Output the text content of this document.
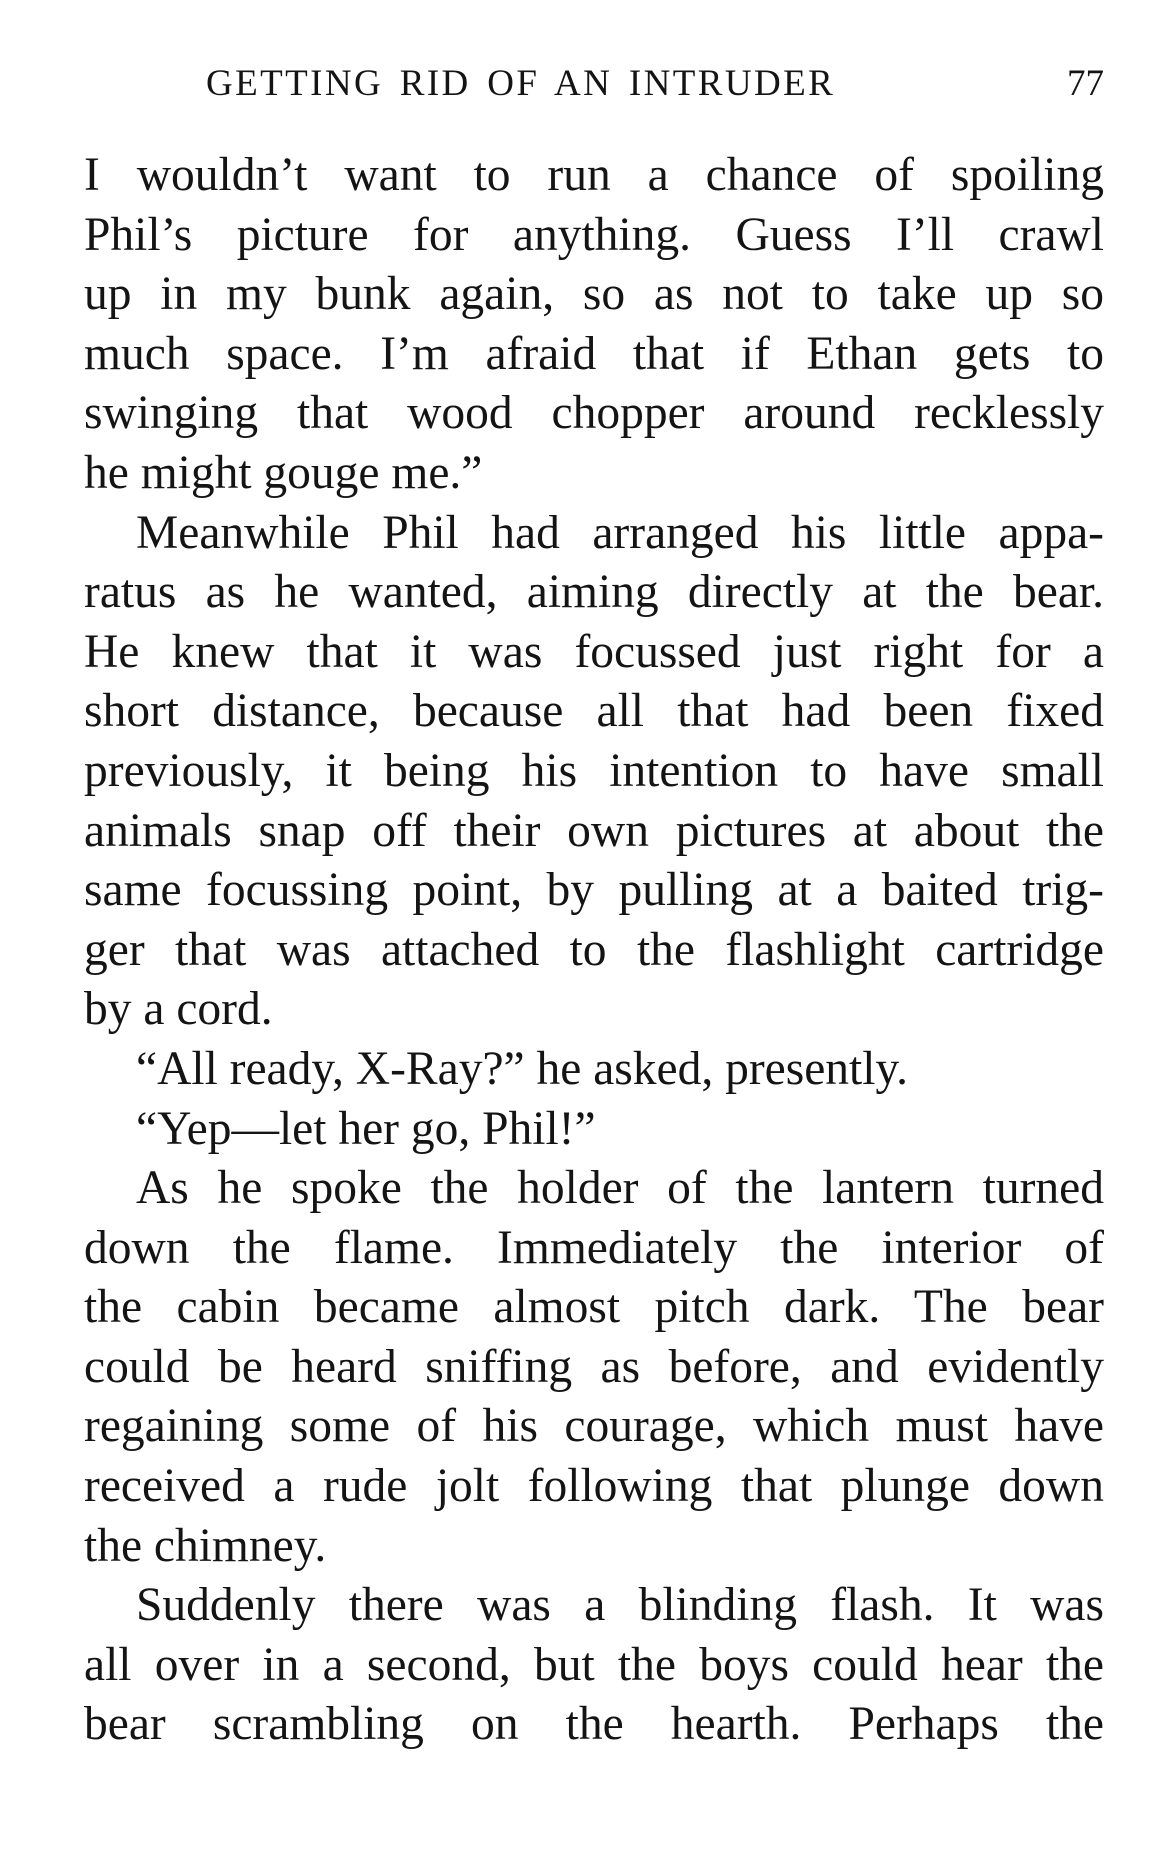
GETTING RID OF AN INTRUDER	77
I wouldn’t want to run a chance of spoiling
Phil’s picture for anything. Guess I’ll crawl
up in my bunk again, so as not to take up so
much space. I’m afraid that if Ethan gets to
swinging that wood chopper around recklessly
he might gouge me.”
Meanwhile Phil had arranged his little appa-
ratus as he wanted, aiming directly at the bear.
He knew that it was focussed just right for a
short distance, because all that had been fixed
previously, it being his intention to have small
animals snap off their own pictures at about the
same focussing point, by pulling at a baited trig-
ger that was attached to the flashlight cartridge
by a cord.
“All ready, X-Ray?” he asked, presently.
“Yep—let her go, Phil!”
As he spoke the holder of the lantern turned
down the flame. Immediately the interior of
the cabin became almost pitch dark. The bear
could be heard sniffing as before, and evidently
regaining some of his courage, which must have
received a rude jolt following that plunge down
the chimney.
Suddenly there was a blinding flash. It was
all over in a second, but the boys could hear the
bear scrambling on the hearth. Perhaps the
